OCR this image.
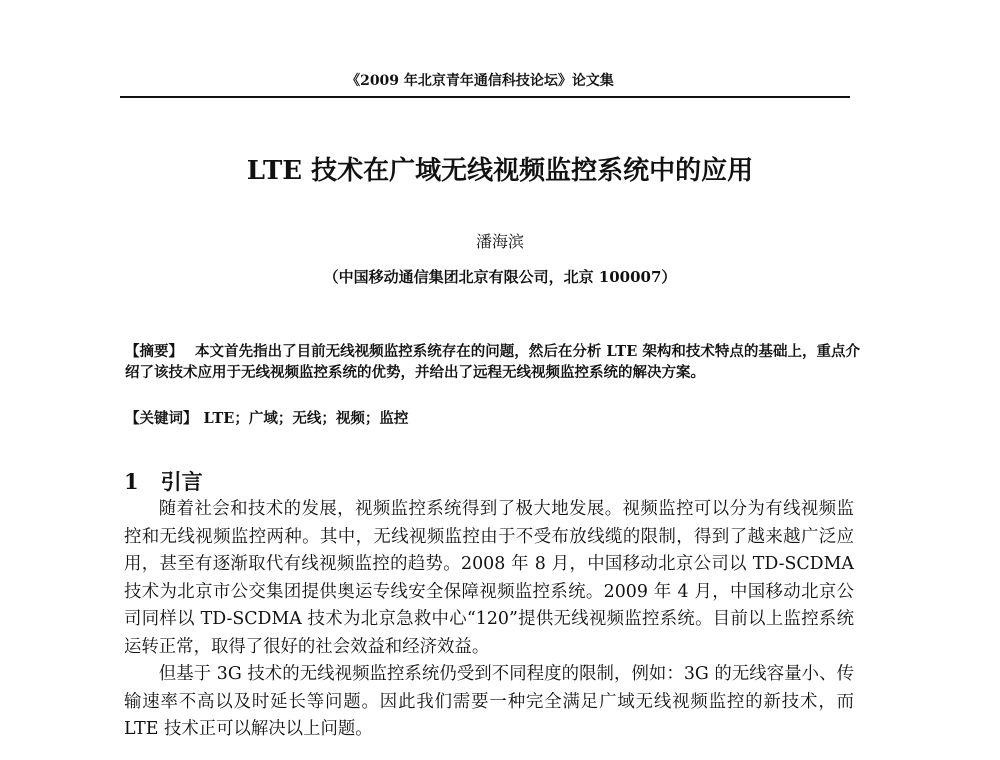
《2009 年北京青年通信科技论坛》论文集
LTE 技术在广域无线视频监控系统中的应用
潘海滨
（中国移动通信集团北京有限公司，北京 100007）
【摘要】 本文首先指出了目前无线视频监控系统存在的问题，然后在分析 LTE 架构和技术特点的基础上，重点介绍了该技术应用于无线视频监控系统的优势，并给出了远程无线视频监控系统的解决方案。
【关键词】 LTE；广域；无线；视频；监控
1 引言

随着社会和技术的发展，视频监控系统得到了极大地发展。视频监控可以分为有线视频监控和无线视频监控两种。其中，无线视频监控由于不受布放线缆的限制，得到了越来越广泛应用，甚至有逐渐取代有线视频监控的趋势。2008 年 8 月，中国移动北京公司以 TD-SCDMA 技术为北京市公交集团提供奥运专线安全保障视频监控系统。2009 年 4 月，中国移动北京公司同样以 TD-SCDMA 技术为北京急救中心“120”提供无线视频监控系统。目前以上监控系统运转正常，取得了很好的社会效益和经济效益。

但基于 3G 技术的无线视频监控系统仍受到不同程度的限制，例如：3G 的无线容量小、传输速率不高以及时延长等问题。因此我们需要一种完全满足广域无线视频监控的新技术，而 LTE 技术正可以解决以上问题。
